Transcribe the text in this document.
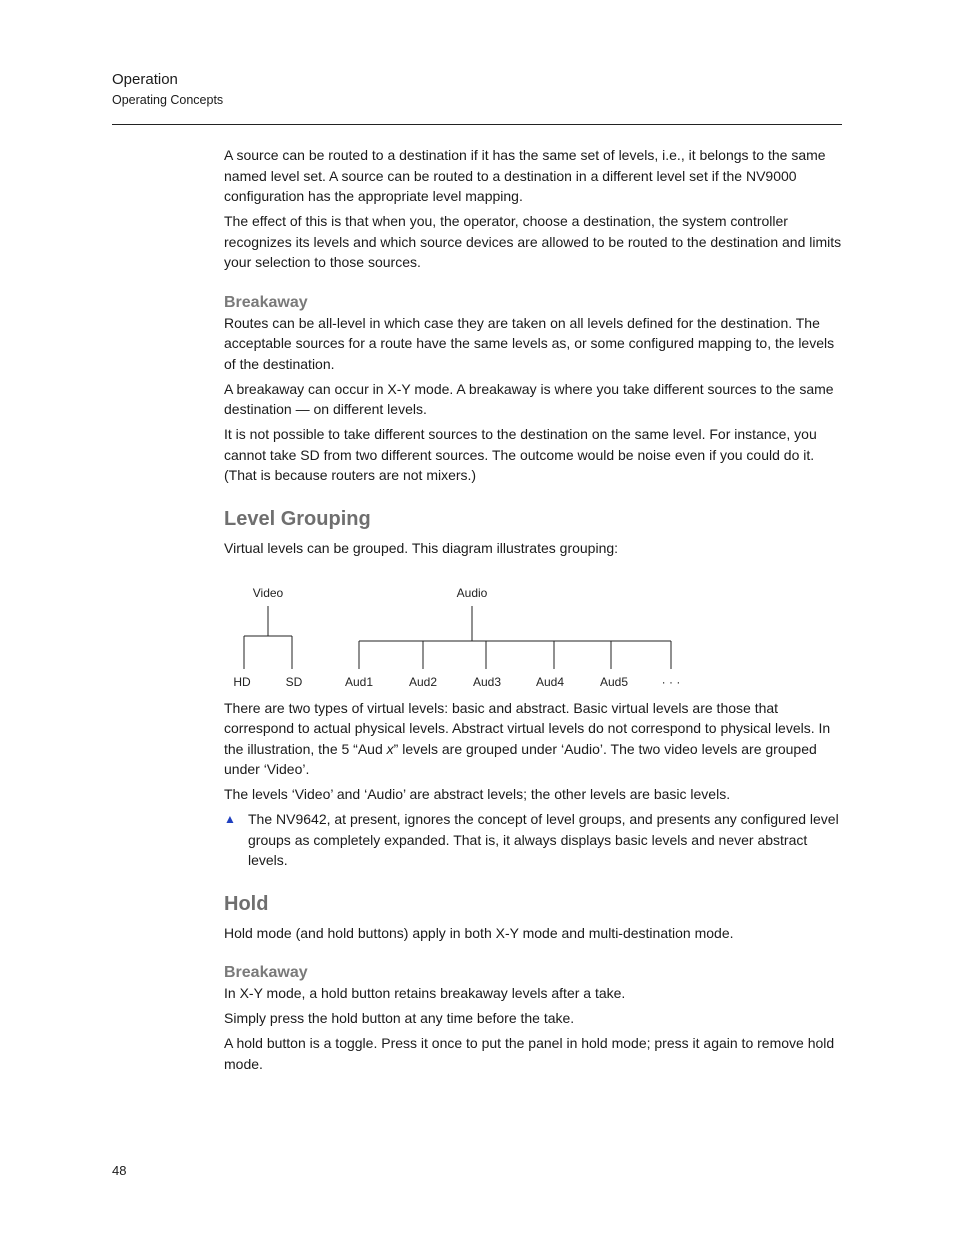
Operation
Operating Concepts

A source can be routed to a destination if it has the same set of levels, i.e., it belongs to the same named level set. A source can be routed to a destination in a different level set if the NV9000 configuration has the appropriate level mapping.

The effect of this is that when you, the operator, choose a destination, the system controller recognizes its levels and which source devices are allowed to be routed to the destination and limits your selection to those sources.

Breakaway

Routes can be all-level in which case they are taken on all levels defined for the destination. The acceptable sources for a route have the same levels as, or some configured mapping to, the levels of the destination.

A breakaway can occur in X-Y mode. A breakaway is where you take different sources to the same destination — on different levels.

It is not possible to take different sources to the destination on the same level. For instance, you cannot take SD from two different sources. The outcome would be noise even if you could do it. (That is because routers are not mixers.)

Level Grouping

Virtual levels can be grouped. This diagram illustrates grouping:

Video	Audio
HD	SD	Aud1	Aud2	Aud3	Aud4	Aud5	· · ·

There are two types of virtual levels: basic and abstract. Basic virtual levels are those that correspond to actual physical levels. Abstract virtual levels do not correspond to physical levels. In the illustration, the 5 “Aud x” levels are grouped under ‘Audio’. The two video levels are grouped under ‘Video’.

The levels ‘Video’ and ‘Audio’ are abstract levels; the other levels are basic levels.

▲ The NV9642, at present, ignores the concept of level groups, and presents any configured level groups as completely expanded. That is, it always displays basic levels and never abstract levels.
Hold

Hold mode (and hold buttons) apply in both X-Y mode and multi-destination mode.

Breakaway

In X-Y mode, a hold button retains breakaway levels after a take.

Simply press the hold button at any time before the take.

A hold button is a toggle. Press it once to put the panel in hold mode; press it again to remove hold mode.

48
